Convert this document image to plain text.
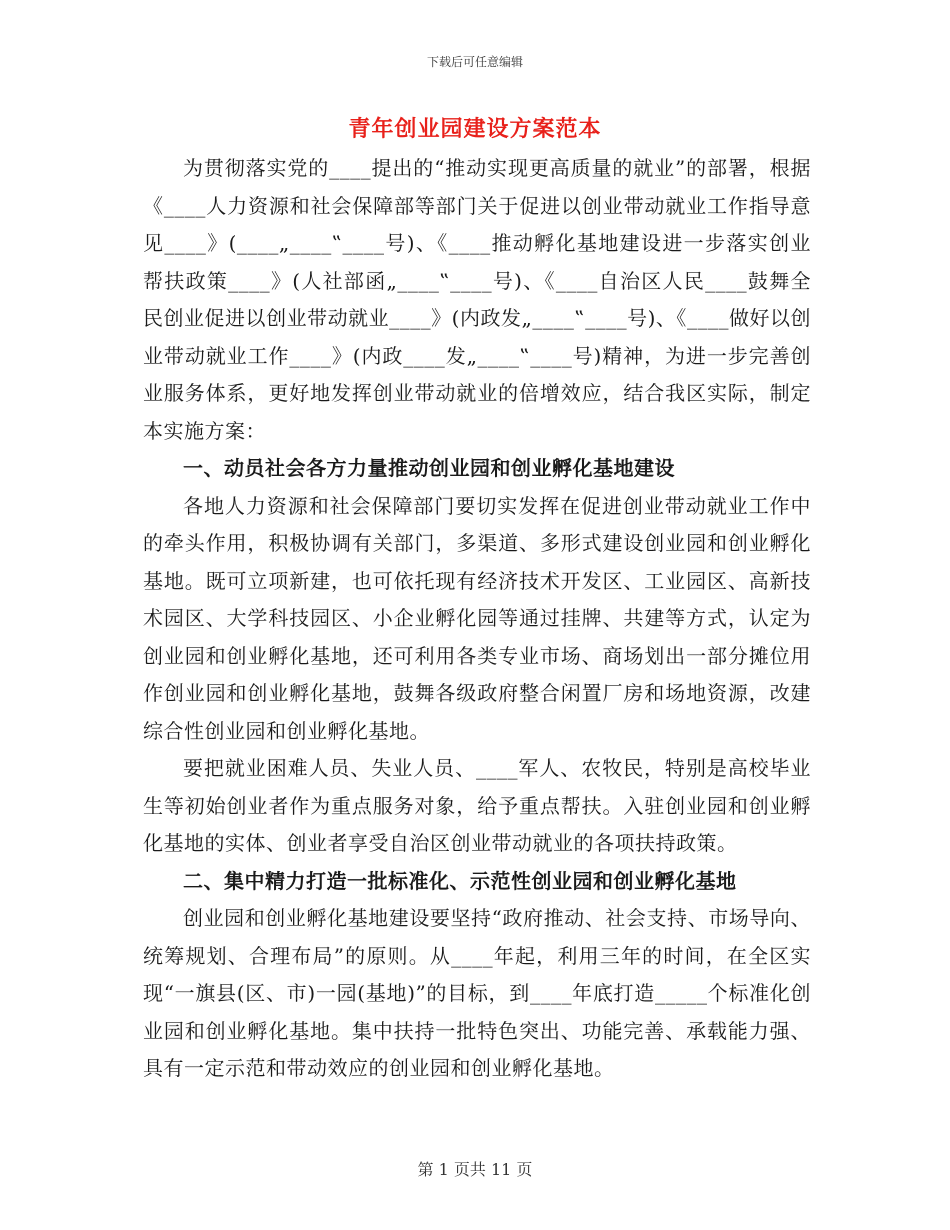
下载后可任意编辑
青年创业园建设方案范本

为贯彻落实党的____提出的“推动实现更高质量的就业”的部署，根据《____人力资源和社会保障部等部门关于促进以创业带动就业工作指导意见____》(____„____‟____号)、《____推动孵化基地建设进一步落实创业帮扶政策____》(人社部函„____‟____号)、《____自治区人民____鼓舞全民创业促进以创业带动就业____》(内政发„____‟____号)、《____做好以创业带动就业工作____》(内政____发„____‟____号)精神，为进一步完善创业服务体系，更好地发挥创业带动就业的倍增效应，结合我区实际，制定本实施方案：

一、动员社会各方力量推动创业园和创业孵化基地建设

各地人力资源和社会保障部门要切实发挥在促进创业带动就业工作中的牵头作用，积极协调有关部门，多渠道、多形式建设创业园和创业孵化基地。既可立项新建，也可依托现有经济技术开发区、工业园区、高新技术园区、大学科技园区、小企业孵化园等通过挂牌、共建等方式，认定为创业园和创业孵化基地，还可利用各类专业市场、商场划出一部分摊位用作创业园和创业孵化基地，鼓舞各级政府整合闲置厂房和场地资源，改建综合性创业园和创业孵化基地。

要把就业困难人员、失业人员、____军人、农牧民，特别是高校毕业生等初始创业者作为重点服务对象，给予重点帮扶。入驻创业园和创业孵化基地的实体、创业者享受自治区创业带动就业的各项扶持政策。

二、集中精力打造一批标准化、示范性创业园和创业孵化基地

创业园和创业孵化基地建设要坚持“政府推动、社会支持、市场导向、统筹规划、合理布局”的原则。从____年起，利用三年的时间，在全区实现“一旗县(区、市)一园(基地)”的目标，到____年底打造_____个标准化创业园和创业孵化基地。集中扶持一批特色突出、功能完善、承载能力强、具有一定示范和带动效应的创业园和创业孵化基地。

第 1 页共 11 页
